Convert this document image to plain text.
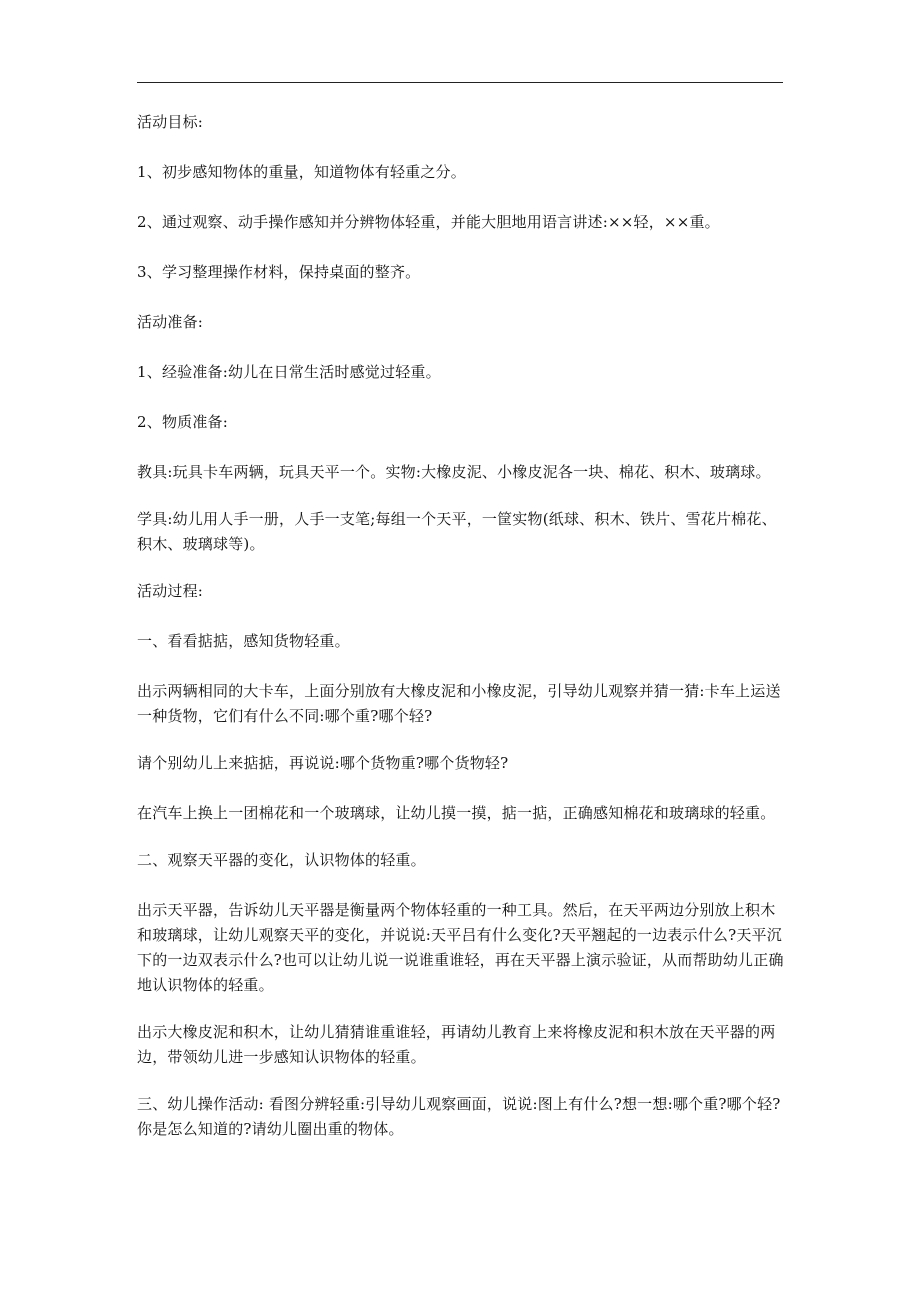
活动目标:

1、初步感知物体的重量，知道物体有轻重之分。

2、通过观察、动手操作感知并分辨物体轻重，并能大胆地用语言讲述:××轻，××重。

3、学习整理操作材料，保持桌面的整齐。

活动准备:

1、经验准备:幼儿在日常生活时感觉过轻重。

2、物质准备:

教具:玩具卡车两辆，玩具天平一个。实物:大橡皮泥、小橡皮泥各一块、棉花、积木、玻璃球。

学具:幼儿用人手一册，人手一支笔;每组一个天平，一筐实物(纸球、积木、铁片、雪花片棉花、积木、玻璃球等)。

活动过程:

一、看看掂掂，感知货物轻重。

出示两辆相同的大卡车，上面分别放有大橡皮泥和小橡皮泥，引导幼儿观察并猜一猜:卡车上运送一种货物，它们有什么不同:哪个重?哪个轻?

请个别幼儿上来掂掂，再说说:哪个货物重?哪个货物轻?

在汽车上换上一团棉花和一个玻璃球，让幼儿摸一摸，掂一掂，正确感知棉花和玻璃球的轻重。

二、观察天平器的变化，认识物体的轻重。

出示天平器，告诉幼儿天平器是衡量两个物体轻重的一种工具。然后，在天平两边分别放上积木和玻璃球，让幼儿观察天平的变化，并说说:天平吕有什么变化?天平翘起的一边表示什么?天平沉下的一边双表示什么?也可以让幼儿说一说谁重谁轻，再在天平器上演示验证，从而帮助幼儿正确地认识物体的轻重。

出示大橡皮泥和积木，让幼儿猜猜谁重谁轻，再请幼儿教育上来将橡皮泥和积木放在天平器的两边，带领幼儿进一步感知认识物体的轻重。

三、幼儿操作活动: 看图分辨轻重:引导幼儿观察画面，说说:图上有什么?想一想:哪个重?哪个轻?你是怎么知道的?请幼儿圈出重的物体。
